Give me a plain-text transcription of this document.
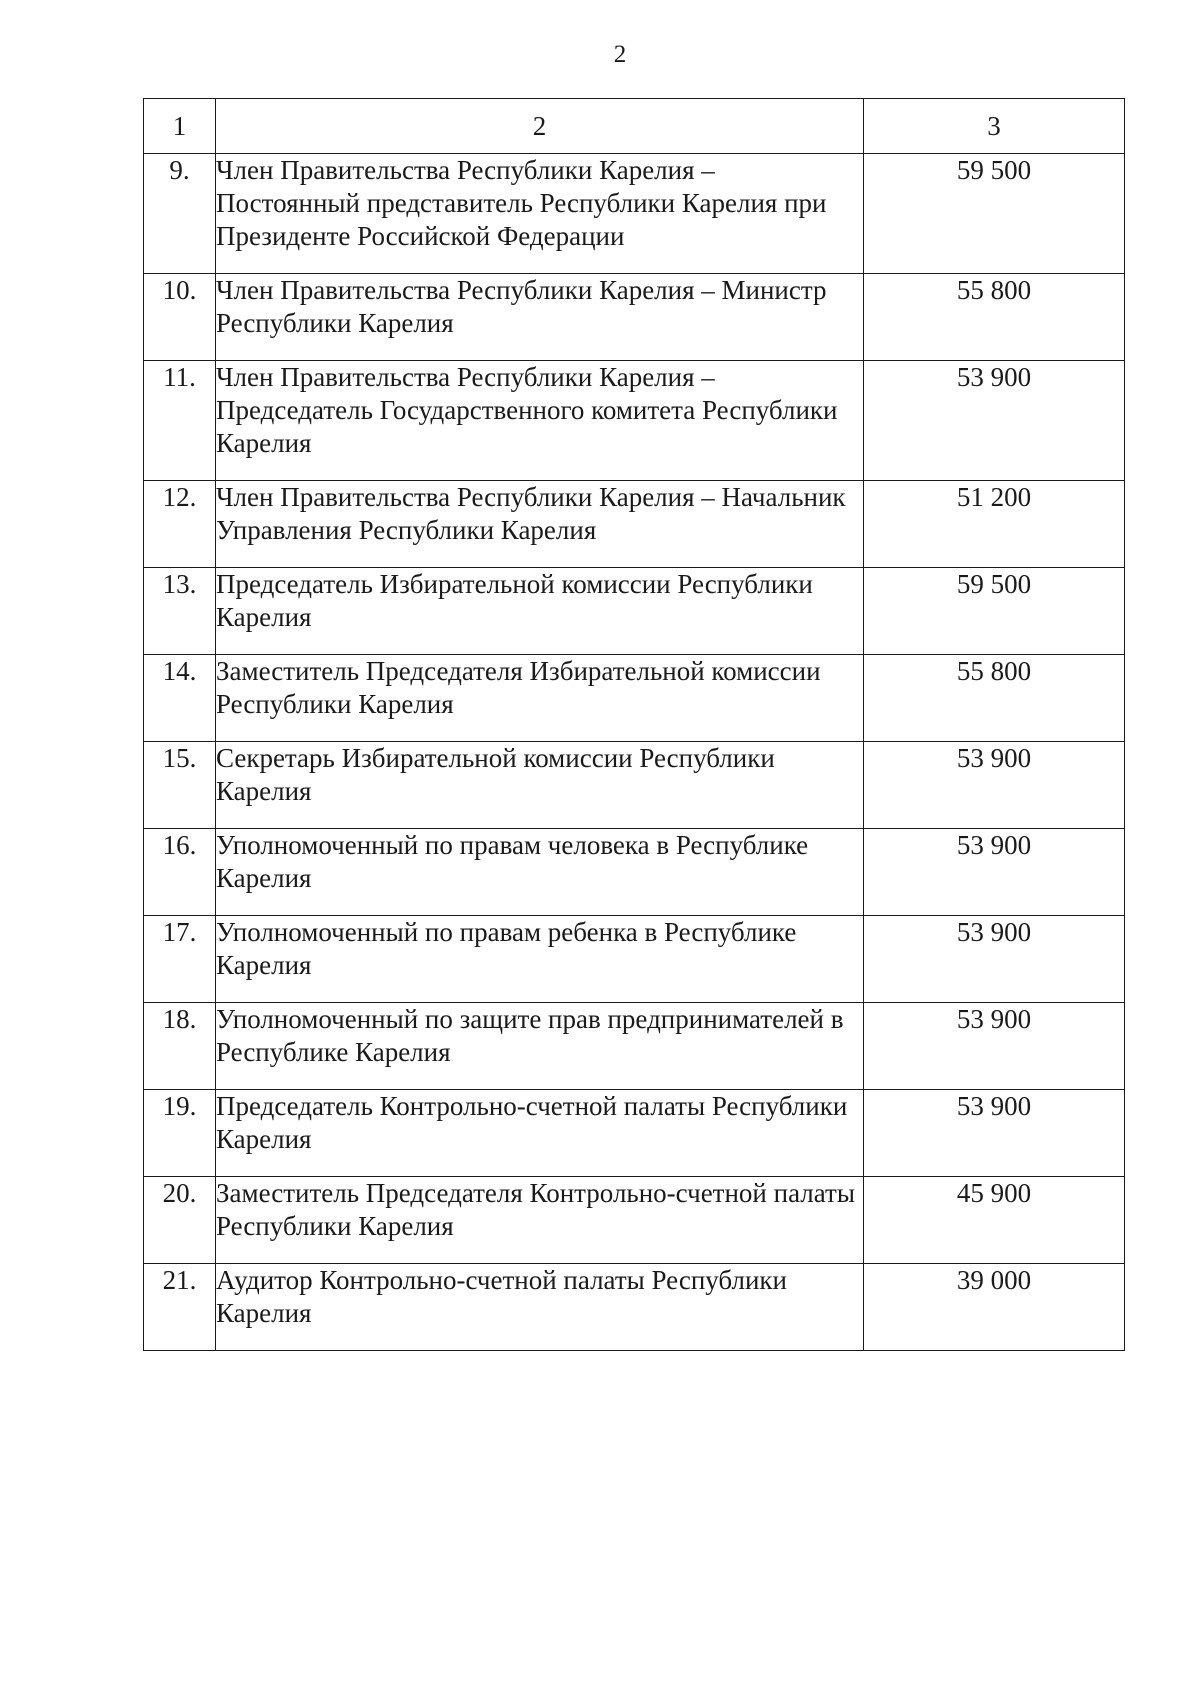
2
1	2	3
9.	Член Правительства Республики Карелия – Постоянный представитель Республики Карелия при Президенте Российской Федерации	59 500
10.	Член Правительства Республики Карелия – Министр Республики Карелия	55 800
11.	Член Правительства Республики Карелия – Председатель Государственного комитета Республики Карелия	53 900
12.	Член Правительства Республики Карелия – Начальник Управления Республики Карелия	51 200
13.	Председатель Избирательной комиссии Республики Карелия	59 500
14.	Заместитель Председателя Избирательной комиссии Республики Карелия	55 800
15.	Секретарь Избирательной комиссии Республики Карелия	53 900
16.	Уполномоченный по правам человека в Республике Карелия	53 900
17.	Уполномоченный по правам ребенка в Республике Карелия	53 900
18.	Уполномоченный по защите прав предпринимателей в Республике Карелия	53 900
19.	Председатель Контрольно-счетной палаты Республики Карелия	53 900
20.	Заместитель Председателя Контрольно-счетной палаты Республики Карелия	45 900
21.	Аудитор Контрольно-счетной палаты Республики Карелия	39 000
